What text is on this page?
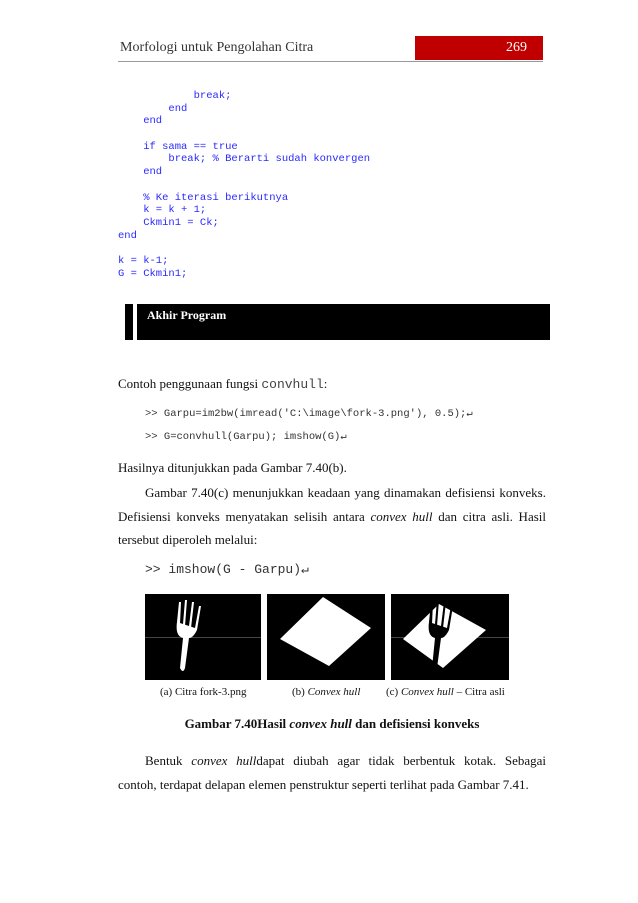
Morfologi untuk Pengolahan Citra	269
break;
end
end
if sama == true
break; % Berarti sudah konvergen
end
% Ke iterasi berikutnya
k = k + 1;
Ckmin1 = Ck;
end
k = k-1;
G = Ckmin1;
Akhir Program
Contoh penggunaan fungsi convhull:
>> Garpu=im2bw(imread('C:\image\fork-3.png'), 0.5);↵
>> G=convhull(Garpu); imshow(G)↵
Hasilnya ditunjukkan pada Gambar 7.40(b).
Gambar 7.40(c) menunjukkan keadaan yang dinamakan defisiensi konveks.
Defisiensi konveks menyatakan selisih antara convex hull dan citra asli. Hasil
tersebut diperoleh melalui:
>> imshow(G - Garpu)↵
(a) Citra fork-3.png	(b) Convex hull (c) Convex hull – Citra asli
Gambar 7.40Hasil convex hull dan defisiensi konveks
Bentuk convex hulldapat diubah agar tidak berbentuk kotak. Sebagai
contoh, terdapat delapan elemen penstruktur seperti terlihat pada Gambar 7.41.
